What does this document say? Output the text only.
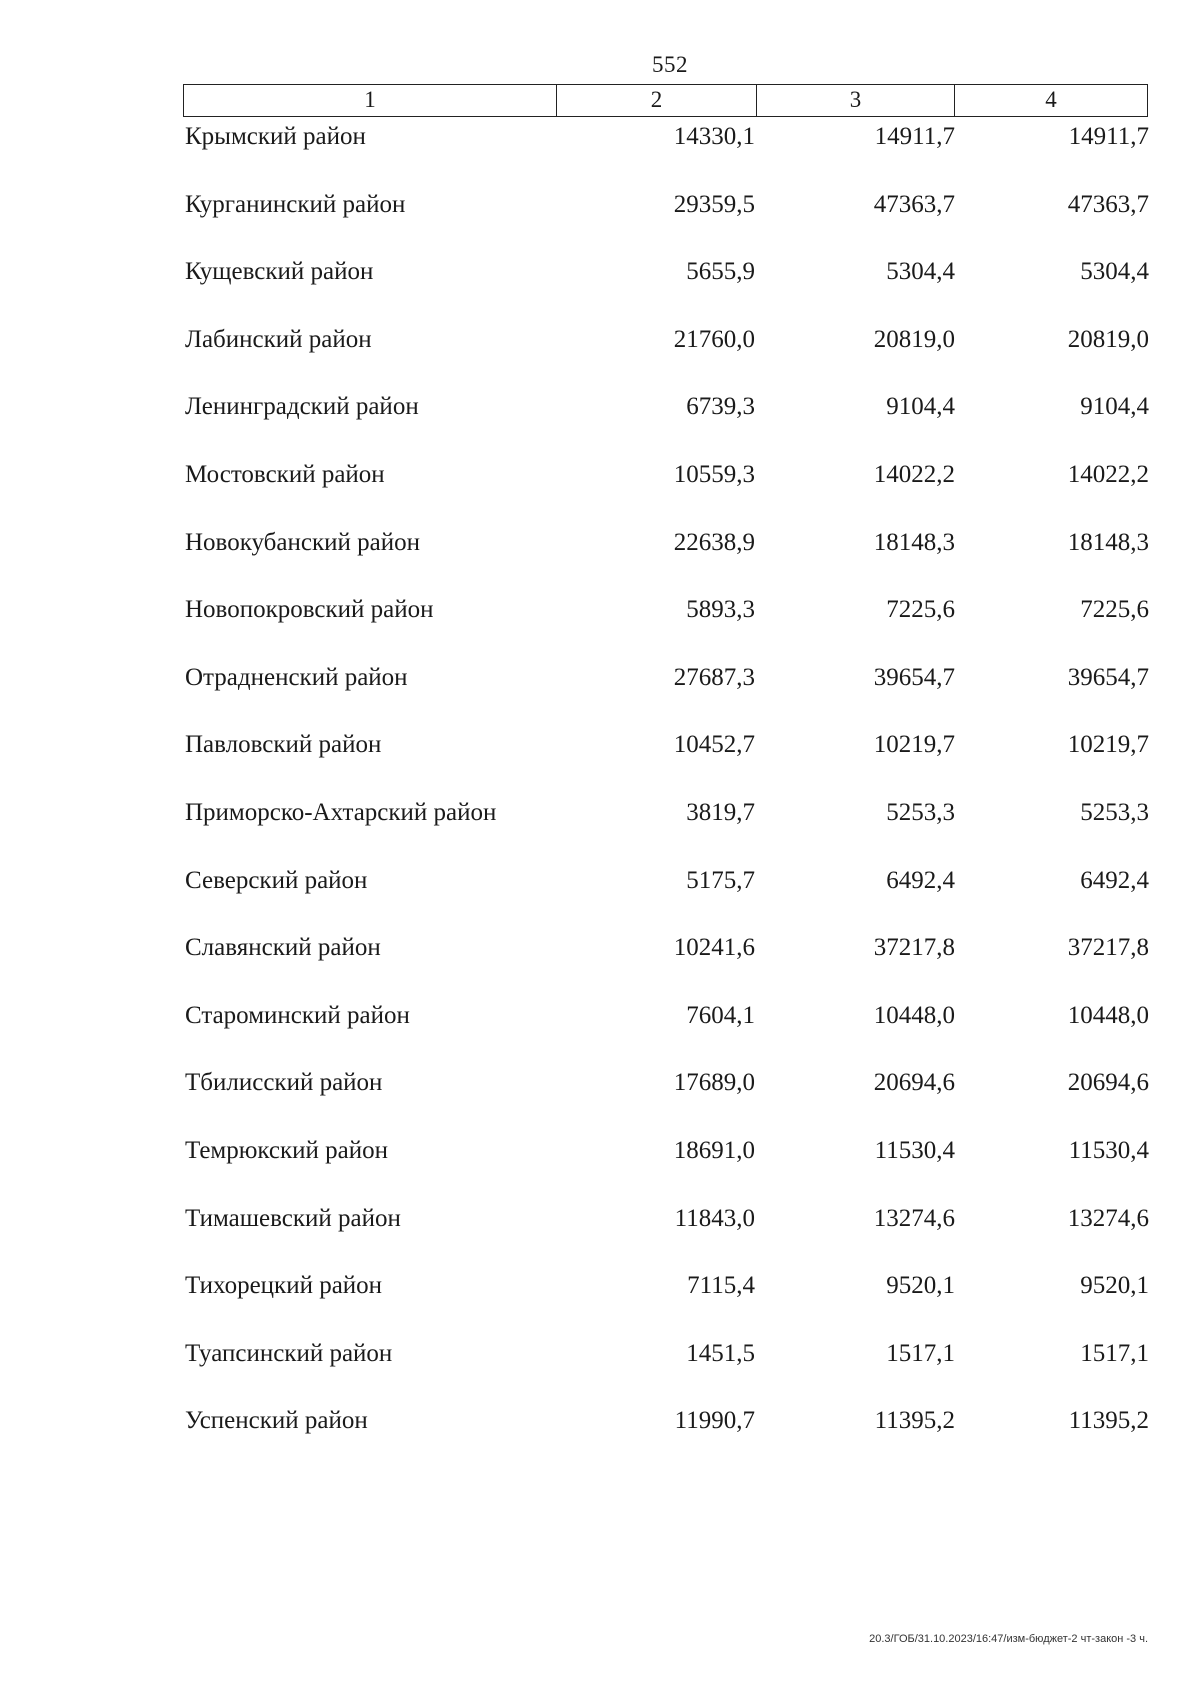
552
1	2	3	4
Крымский район	14330,1	14911,7	14911,7
Курганинский район	29359,5	47363,7	47363,7
Кущевский район	5655,9	5304,4	5304,4
Лабинский район	21760,0	20819,0	20819,0
Ленинградский район	6739,3	9104,4	9104,4
Мостовский район	10559,3	14022,2	14022,2
Новокубанский район	22638,9	18148,3	18148,3
Новопокровский район	5893,3	7225,6	7225,6
Отрадненский район	27687,3	39654,7	39654,7
Павловский район	10452,7	10219,7	10219,7
Приморско-Ахтарский район	3819,7	5253,3	5253,3
Северский район	5175,7	6492,4	6492,4
Славянский район	10241,6	37217,8	37217,8
Староминский район	7604,1	10448,0	10448,0
Тбилисский район	17689,0	20694,6	20694,6
Темрюкский район	18691,0	11530,4	11530,4
Тимашевский район	11843,0	13274,6	13274,6
Тихорецкий район	7115,4	9520,1	9520,1
Туапсинский район	1451,5	1517,1	1517,1
Успенский район	11990,7	11395,2	11395,2
20.3/ГОБ/31.10.2023/16:47/изм-бюджет-2 чт-закон -3 ч.
